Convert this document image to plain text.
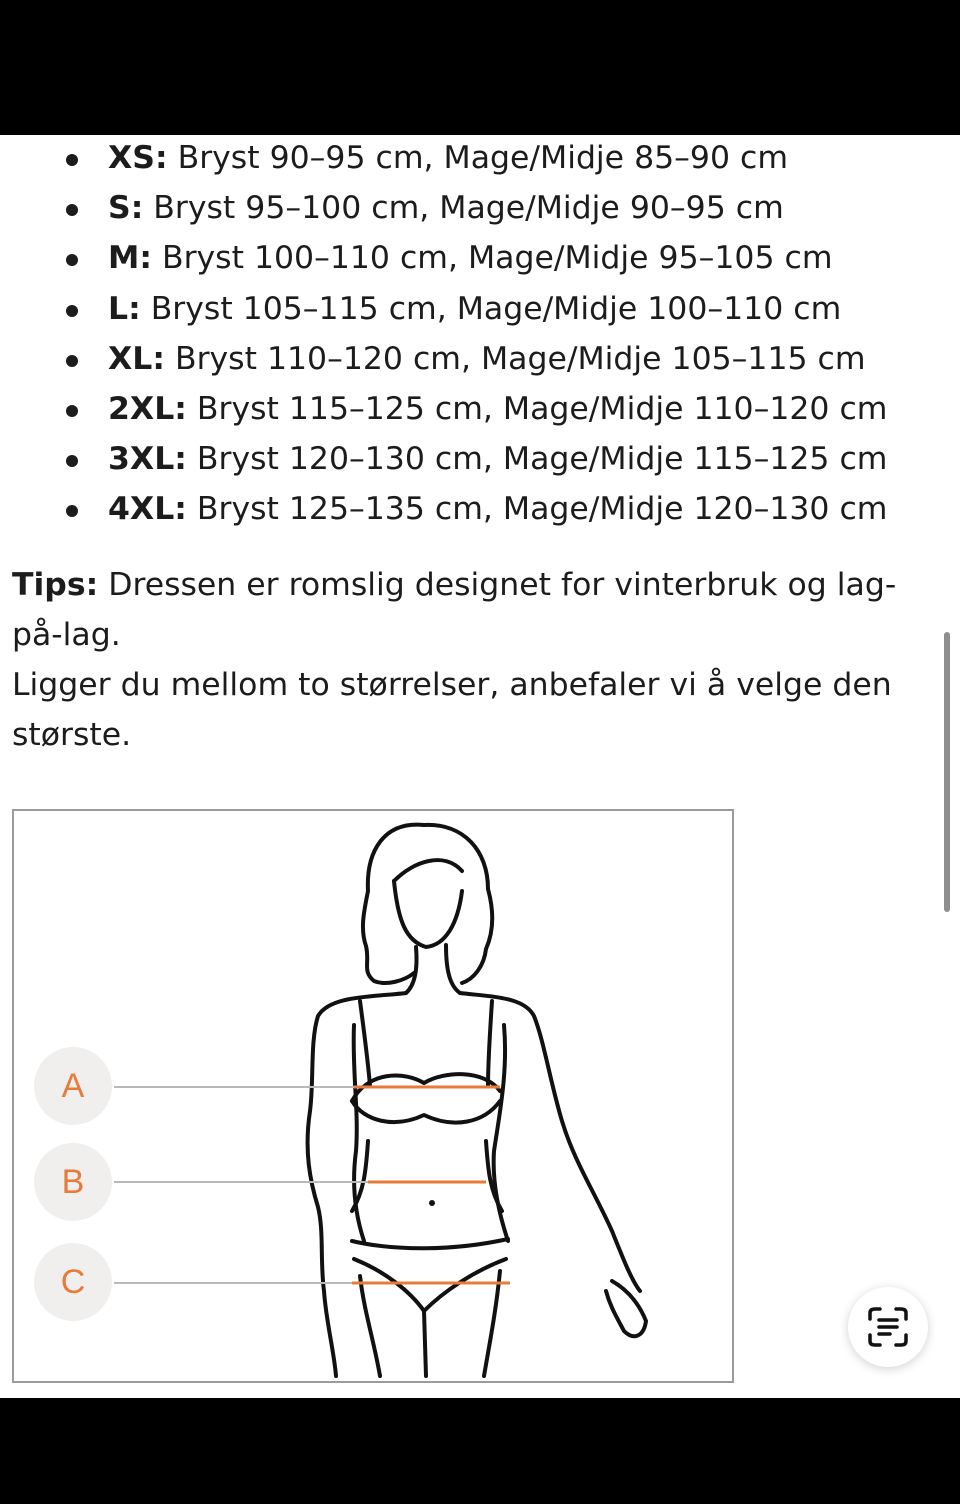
XS: Bryst 90–95 cm, Mage/Midje 85–90 cm
S: Bryst 95–100 cm, Mage/Midje 90–95 cm
M: Bryst 100–110 cm, Mage/Midje 95–105 cm
L: Bryst 105–115 cm, Mage/Midje 100–110 cm
XL: Bryst 110–120 cm, Mage/Midje 105–115 cm
2XL: Bryst 115–125 cm, Mage/Midje 110–120 cm
3XL: Bryst 120–130 cm, Mage/Midje 115–125 cm
4XL: Bryst 125–135 cm, Mage/Midje 120–130 cm

Tips: Dressen er romslig designet for vinterbruk og lag-på-lag.

Ligger du mellom to størrelser, anbefaler vi å velge den største.

A
B
C
